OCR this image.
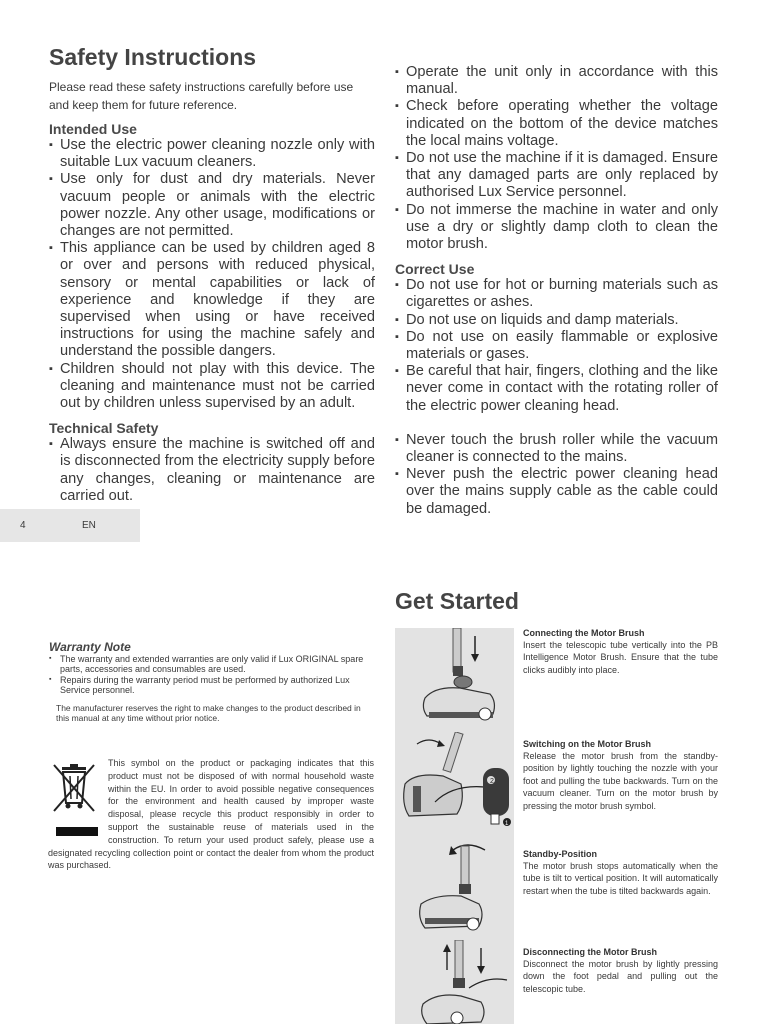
Safety Instructions

Please read these safety instructions carefully before use and keep them for future reference.

Intended Use
▪ Use the electric power cleaning nozzle only with suitable Lux vacuum cleaners.
▪ Use only for dust and dry materials. Never vacuum people or animals with the electric power nozzle. Any other usage, modifications or changes are not permitted.
▪ This appliance can be used by children aged 8 or over and persons with reduced physical, sensory or mental capabilities or lack of experience and knowledge if they are supervised when using or have received instructions for using the machine safely and understand the possible dangers.
▪ Children should not play with this device. The cleaning and maintenance must not be carried out by children unless supervised by an adult.
Technical Safety
▪ Always ensure the machine is switched off and is disconnected from the electricity supply before any changes, cleaning or maintenance are carried out.
▪ Operate the unit only in accordance with this manual.
▪ Check before operating whether the voltage indicated on the bottom of the device matches the local mains voltage.
▪ Do not use the machine if it is damaged. Ensure that any damaged parts are only replaced by authorised Lux Service personnel.
▪ Do not immerse the machine in water and only use a dry or slightly damp cloth to clean the motor brush.
Correct Use
▪ Do not use for hot or burning materials such as cigarettes or ashes.
▪ Do not use on liquids and damp materials.
▪ Do not use on easily flammable or explosive materials or gases.
▪ Be careful that hair, fingers, clothing and the like never come in contact with the rotating roller of the electric power cleaning head.
▪ Never touch the brush roller while the vacuum cleaner is connected to the mains.
▪ Never push the electric power cleaning head over the mains supply cable as the cable could be damaged.
4	EN
Warranty Note
▪ The warranty and extended warranties are only valid if Lux ORIGINAL spare parts, accessories and consumables are used.
▪ Repairs during the warranty period must be performed by authorized Lux Service personnel.
The manufacturer reserves the right to make changes to the product described in this manual at any time without prior notice.
This symbol on the product or packaging indicates that this product must not be disposed of with normal household waste within the EU. In order to avoid possible negative consequences for the environment and health caused by improper waste disposal, please recycle this product responsibly in order to support the sustainable reuse of materials used in the construction. To return your used product safely, please use a designated recycling collection point or contact the dealer from whom the product was purchased.
Get Started
2
1
Connecting the Motor Brush
Insert the telescopic tube vertically into the PB Intelligence Motor Brush. Ensure that the tube clicks audibly into place.
Switching on the Motor Brush
Release the motor brush from the standby-position by lightly touching the nozzle with your foot and pulling the tube backwards. Turn on the vacuum cleaner. Turn on the motor brush by pressing the motor brush symbol.
Standby-Position
The motor brush stops automatically when the tube is tilt to vertical position. It will automatically restart when the tube is tilted backwards again.
Disconnecting the Motor Brush
Disconnect the motor brush by lightly pressing down the foot pedal and pulling out the telescopic tube.
